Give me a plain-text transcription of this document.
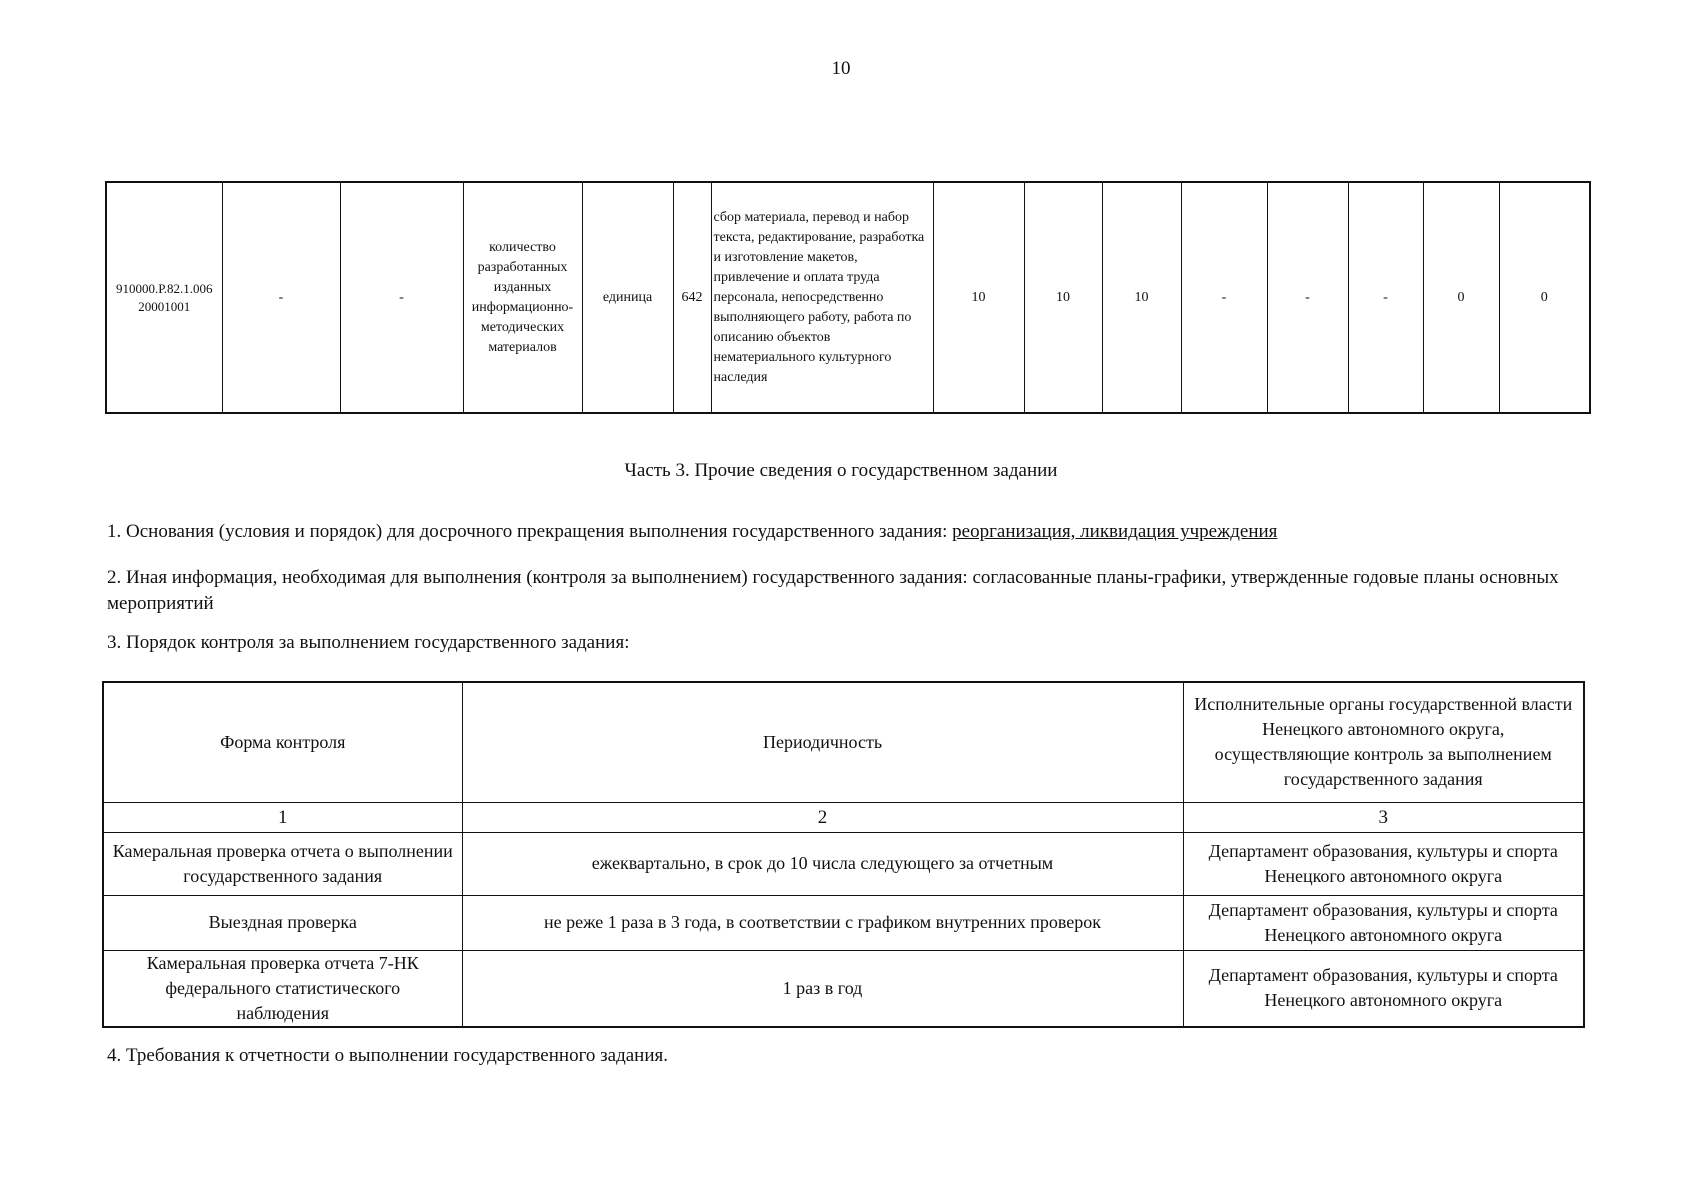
10
910000.Р.82.1.006 20001001	-	-	количество разработанных изданных информационно-методических материалов	единица	642	сбор материала, перевод и набор текста, редактирование, разработка и изготовление макетов, привлечение и оплата труда персонала, непосредственно выполняющего работу, работа по описанию объектов нематериального культурного наследия	10	10	10	-	-	-	0	0
Часть 3. Прочие сведения о государственном задании
1. Основания (условия и порядок) для досрочного прекращения выполнения государственного задания: реорганизация, ликвидация учреждения
2. Иная информация, необходимая для выполнения (контроля за выполнением) государственного задания: согласованные планы-графики, утвержденные годовые планы основных мероприятий
3. Порядок контроля за выполнением государственного задания:
Форма контроля	Периодичность	Исполнительные органы государственной власти Ненецкого автономного округа, осуществляющие контроль за выполнением государственного задания
1	2	3
Камеральная проверка отчета о выполнении государственного задания	ежеквартально, в срок до 10 числа следующего за отчетным	Департамент образования, культуры и спорта Ненецкого автономного округа
Выездная проверка	не реже 1 раза в 3 года, в соответствии с графиком внутренних проверок	Департамент образования, культуры и спорта Ненецкого автономного округа
Камеральная проверка отчета 7-НК федерального статистического наблюдения	1 раз в год	Департамент образования, культуры и спорта Ненецкого автономного округа
4. Требования к отчетности о выполнении государственного задания.
